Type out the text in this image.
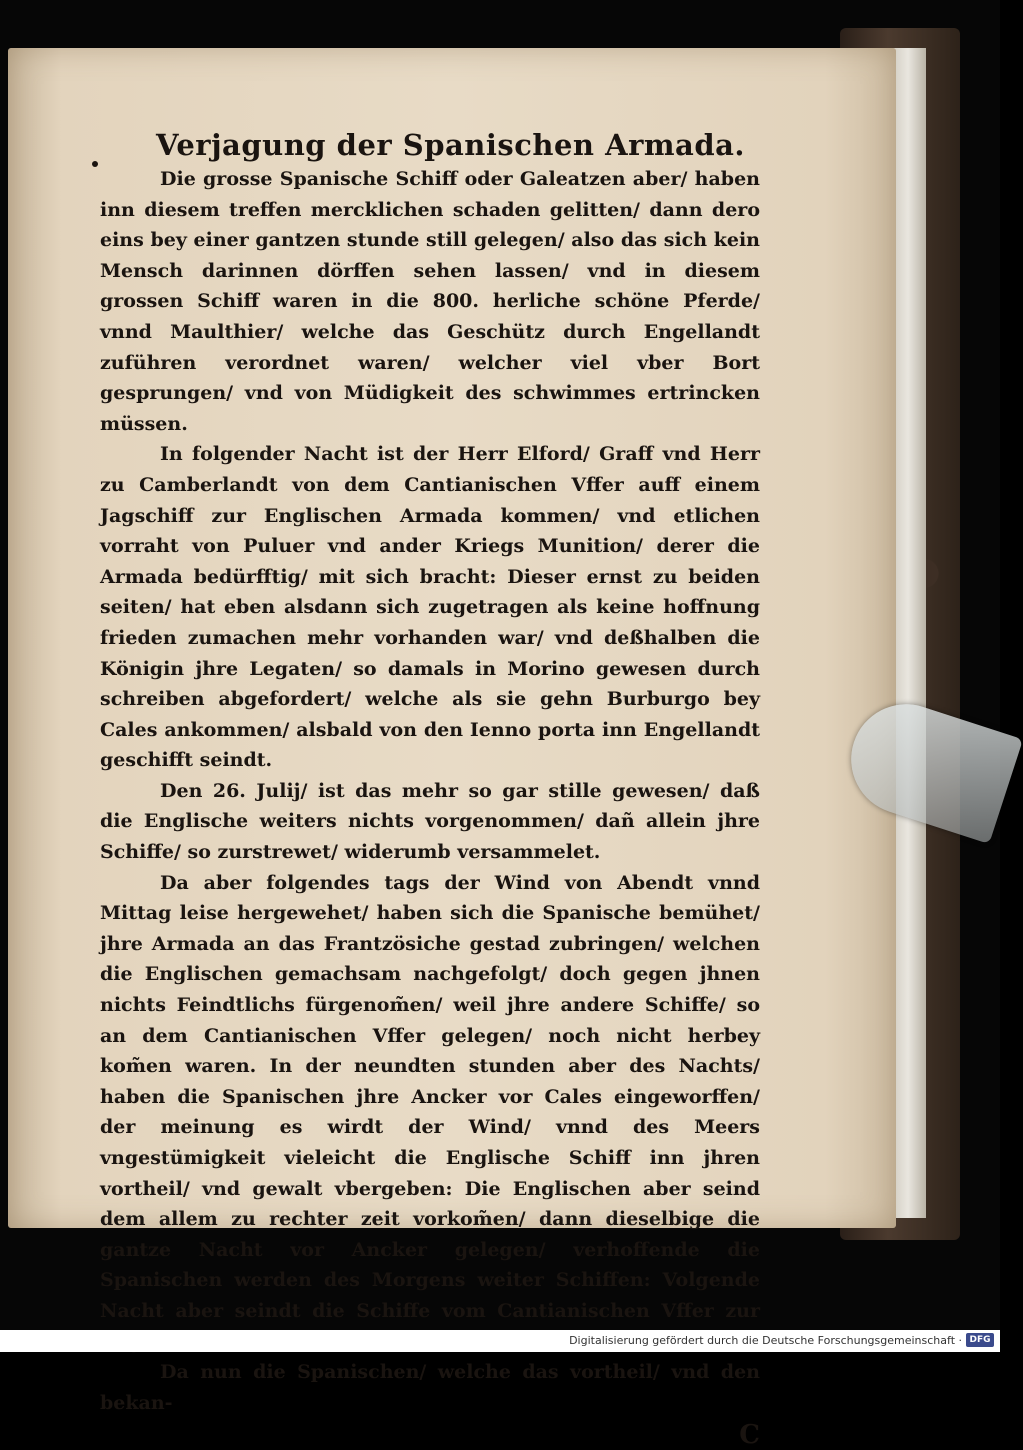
Verjagung der Spanischen Armada.

Die grosse Spanische Schiff oder Galeatzen aber/ haben inn diesem treffen mercklichen schaden gelitten/ dann dero eins bey einer gantzen stunde still gelegen/ also das sich kein Mensch darinnen dörffen sehen lassen/ vnd in diesem grossen Schiff waren in die 800. herliche schöne Pferde/ vnnd Maulthier/ welche das Geschütz durch Engellandt zuführen verordnet waren/ welcher viel vber Bort gesprungen/ vnd von Müdigkeit des schwimmes ertrincken müssen.

In folgender Nacht ist der Herr Elford/ Graff vnd Herr zu Camberlandt von dem Cantianischen Vffer auff einem Jagschiff zur Englischen Armada kommen/ vnd etlichen vorraht von Puluer vnd ander Kriegs Munition/ derer die Armada bedürfftig/ mit sich bracht: Dieser ernst zu beiden seiten/ hat eben alsdann sich zugetragen als keine hoffnung frieden zumachen mehr vorhanden war/ vnd deßhalben die Königin jhre Legaten/ so damals in Morino gewesen durch schreiben abgefordert/ welche als sie gehn Burburgo bey Cales ankommen/ alsbald von den Ienno porta inn Engellandt geschifft seindt.

Den 26. Julij/ ist das mehr so gar stille gewesen/ daß die Englische weiters nichts vorgenommen/ dañ allein jhre Schiffe/ so zurstrewet/ widerumb versammelet.

Da aber folgendes tags der Wind von Abendt vnnd Mittag leise hergewehet/ haben sich die Spanische bemühet/ jhre Armada an das Frantzösiche gestad zubringen/ welchen die Englischen gemachsam nachgefolgt/ doch gegen jhnen nichts Feindtlichs fürgenom̃en/ weil jhre andere Schiffe/ so an dem Cantianischen Vffer gelegen/ noch nicht herbey kom̃en waren. In der neundten stunden aber des Nachts/ haben die Spanischen jhre Ancker vor Cales eingeworffen/ der meinung es wirdt der Wind/ vnnd des Meers vngestümigkeit vieleicht die Englische Schiff inn jhren vortheil/ vnd gewalt vbergeben: Die Englischen aber seind dem allem zu rechter zeit vorkom̃en/ dann dieselbige die gantze Nacht vor Ancker gelegen/ verhoffende die Spanischen werden des Morgens weiter Schiffen: Volgende Nacht aber seindt die Schiffe vom Cantianischen Vffer zur

Da nun die Spanischen/ welche das vortheil/ vnd den bekan-

C
Digitalisierung gefördert durch die Deutsche Forschungsgemeinschaft · DFG
